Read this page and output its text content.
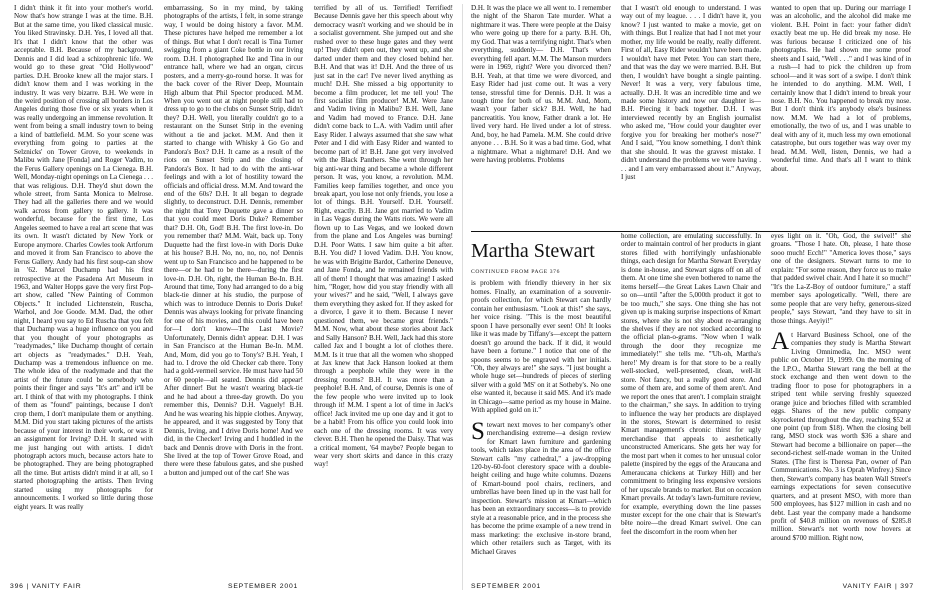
I didn't think it fit into your mother's world. Now that's how strange I was at the time. B.H. But at the same time, you liked classical music. You liked Stravinsky. D.H. Yes, I loved all that. It's that I didn't know that the other was acceptable. B.H. Because of my background, Dennis and I did lead a schizophrenic life. We would go to these great "Old Hollywood" parties. D.H. Brooke knew all the major stars. I didn't know them and I was working in the industry. It was very bizarre. B.H. We were in the weird position of crossing all borders in Los Angeles during those five or six years when it was really undergoing an immense revolution. It went from being a small industry town to being a kind of battlefield. M.M. So your scene was everything from going to parties at the Selznicks' on Tower Grove, to weekends in Malibu with Jane [Fonda] and Roger Vadim, to the Ferus Gallery openings on La Cienega. B.H. Well, Monday-night openings on La Cienega . . . that was religious. D.H. They'd shut down the whole street, from Santa Monica to Melrose. They had all the galleries there and we would walk across from gallery to gallery. It was wonderful, because for the first time, Los Angeles seemed to have a real art scene that was its own. It wasn't dictated by New York or Europe anymore. Charles Cowles took Artforum and moved it from San Francisco to above the Ferus Gallery. Andy had his first soup-can show in '62. Marcel Duchamp had his first retrospective at the Pasadena Art Museum in 1963, and Walter Hopps gave the very first Pop-art show, called "New Painting of Common Objects." It included Lichtenstein, Ruscha, Warhol, and Joe Goode. M.M. Dad, the other night, I heard you say to Ed Ruscha that you felt that Duchamp was a huge influence on you and that you thought of your photographs as "readymades," like Duchamp thought of certain art objects as "readymades." D.H. Yeah, Duchamp was a tremendous influence on me. The whole idea of the readymade and that the artist of the future could be somebody who points their finger and says "It's art" and it'll be art. I think of that with my photographs. I think of them as "found" paintings, because I don't crop them, I don't manipulate them or anything. M.M. Did you start taking pictures of the artists because of your interest in their work, or was it an assignment for Irving? D.H. It started with me just hanging out with artists. I didn't photograph actors much, because actors hate to be photographed. They are being photographed all the time. But artists didn't mind it at all, so I started photographing the artists. Then Irving started using my photographs for announcements. I worked so little during those eight years. It was really

embarrassing. So in my mind, by taking photographs of the artists, I felt, in some strange way, I would be doing history a favor. M.M. These pictures have helped me remember a lot of things. But what I don't recall is Tina Turner swigging from a giant Coke bottle in our living room. D.H. I photographed Ike and Tina in our entrance hall, where we had an organ, circus posters, and a merry-go-round horse. It was for the back cover of the River Deep, Mountain High album that Phil Spector produced. M.M. When you went out at night people still had to dress up to go to the clubs on Sunset Strip, didn't they? D.H. Well, you literally couldn't go to a restaurant on the Sunset Strip in the evening without a tie and jacket. M.M. And then it started to change with Whisky à Go Go and Pandora's Box? D.H. It came as a result of the riots on Sunset Strip and the closing of Pandora's Box. It had to do with the anti-war feelings and with a lot of hostility toward the officials and official dress. M.M. And toward the end of the 60s? D.H. It all began to degrade slightly, to deconstruct. D.H. Dennis, remember the night that Tony Duquette gave a dinner so that you could meet Doris Duke? Remember that? D.H. Oh, God! B.H. The first love-in. Do you remember that? M.M. Wait, back up. Tony Duquette had the first love-in with Doris Duke at his house? B.H. No, no, no, no, no! Dennis went up to San Francisco and he happened to be there—or he had to be there—during the first love-in. D.H. Oh, right, the Human Be-In. B.H. Around that time, Tony had arranged to do a big black-tie dinner at his studio, the purpose of which was to introduce Dennis to Doris Duke! Dennis was always looking for private financing for one of his movies, and this could have been for—I don't know—The Last Movie? Unfortunately, Dennis didn't appear. D.H. I was in San Francisco at the Human Be-In. M.M. And, Mom, did you go to Tony's? B.H. Yeah, I had to. I drove the old Checker cab there. Tony had a gold-vermeil service. He must have had 50 or 60 people—all seated. Dennis did appear! After dinner! But he wasn't wearing black-tie and he had about a three-day growth. Do you remember this, Dennis? D.H. Vaguely! B.H. And he was wearing his hippie clothes. Anyway, he appeared, and it was suggested by Tony that Dennis, Irving, and I drive Doris home! And we did, in the Checker! Irving and I huddled in the back and Dennis drove with Doris in the front. She lived at the top of Tower Grove Road, and there were these fabulous gates, and she pushed a button and jumped out of the car! She was

terrified by all of us. Terrified! Terrified! Because Dennis gave her this speech about why democracy wasn't working and we should be in a socialist government. She jumped out and she rushed over to these huge gates and they went up! They didn't open out, they went up, and she darted under them and they closed behind her. B.H. And that was it! D.H. And the three of us just sat in the car! I've never lived anything as much! D.H. She missed a big opportunity to become a film producer, let me tell you! The first socialist film producer! M.M. Were Jane and Vadim living in Malibu? B.H. Well, Jane and Vadim had moved to France. D.H. Jane didn't come back to L.A. with Vadim until after Easy Rider. I always assumed that she saw what Peter and I did with Easy Rider and wanted to become part of it! B.H. Jane got very involved with the Black Panthers. She went through her big anti-war thing and became a whole different person. It was, you know, a revolution. M.M. Families keep families together, and once you break apart, you lose not only friends, you lose a lot of things. B.H. Yourself. D.H. Yourself. Right, exactly. B.H. Jane got married to Vadim in Las Vegas during the Watts riots. We were all flown up to Las Vegas, and we looked down from the plane and Los Angeles was burning! D.H. Poor Watts. I saw him quite a bit after. B.H. You did? I loved Vadim. D.H. You know, he was with Brigitte Bardot, Catherine Deneuve, and Jane Fonda, and he remained friends with all of them! I thought that was amazing! I asked him, "Roger, how did you stay friendly with all your wives?" and he said, "Well, I always gave them everything they asked for. If they asked for a divorce, I gave it to them. Because I never questioned them, we became great friends." M.M. Now, what about these stories about Jack and Sally Hanson? B.H. Well, Jack had this store called Jax and I bought a lot of clothes there. M.M. Is it true that all the women who shopped at Jax knew that Jack Hanson looked at them through a peephole while they were in the dressing rooms? B.H. It was more than a peephole! B.H. And, of course, Dennis is one of the few people who were invited up to look through it! M.M. I spent a lot of time in Jack's office! Jack invited me up one day and it got to be a habit! From his office you could look into each one of the dressing rooms. It was very clever. B.H. Then he opened the Daisy. That was a critical moment, '64 maybe? People began to wear very short skirts and dance in this crazy way!

396 | VANITY FAIR	SEPTEMBER 2001

D.H. It was the place we all went to. I remember the night of the Sharon Tate murder. What a nightmare it was. There were people at the Daisy who were going up there for a party. B.H. Oh, my God. That was a terrifying night. That's when everything, suddenly— D.H. That's when everything fell apart. M.M. The Manson murders were in 1969, right? Were you divorced then? B.H. Yeah, at that time we were divorced, and Easy Rider had just come out. It was a very tense, stressful time for Dennis. D.H. It was a tough time for both of us. M.M. And, Mom, wasn't your father sick? B.H. Well, he had pancreatitis. You know, Father drank a lot. He lived very hard. He lived under a lot of stress. And, boy, he had Pamela. M.M. She could drive anyone . . . B.H. So it was a bad time. God, what a nightmare. What a nightmare! D.H. And we were having problems. Problems

that I wasn't old enough to understand. I was way out of my league. . . . I didn't have it, you know? I just wanted to make a movie, get on with things. But I realize that had I not met your mother, my life would be really, really different. First of all, Easy Rider wouldn't have been made. I wouldn't have met Peter. You can start there, and that was the day we were married. B.H. But then, I wouldn't have bought a single painting. Never! It was a very, very fabulous time, actually. D.H. It was an incredible time and we made some history and now our daughter is— B.H. Piecing it back together. D.H. I was interviewed recently by an English journalist who asked me, "How could your daughter ever forgive you for breaking her mother's nose?" And I said, "You know something, I don't think that she should. It was the gravest mistake. I didn't understand the problems we were having . . . and I am very embarrassed about it." Anyway, I just

wanted to open that up. During our marriage I was an alcoholic, and the alcohol did make me violent. B.H. Point in fact: your father didn't exactly beat me up. He did break my nose. He was furious because I criticized one of his photographs. He had shown me some proof sheets and I said, "Well . . ." and I was kind of in a rush—I had to pick the children up from school—and it was sort of a swipe. I don't think he intended to do anything. M.M. Well, I certainly know that I didn't intend to break your nose. B.H. No. You happened to break my nose. But I don't think it's anybody else's business now. M.M. We had a lot of problems, emotionally, the two of us, and I was unable to deal with any of it, much less my own emotional catastrophe, but ours together was way over my head. M.M. Well, listen, Dennis, we had a wonderful time. And that's all I want to think about.

Martha Stewart
CONTINUED FROM PAGE 376

is problem with friendly thievery in her six homes. Finally, an examination of a souvenir-proofs collection, for which Stewart can hardly contain her enthusiasm. "Look at this!" she says, her voice rising. "This is the most beautiful spoon I have personally ever seen! Oh! It looks like it was made by Tiffany's—except the pattern doesn't go around the back. If it did, it would have been a fortune." I notice that one of the spoons seems to be engraved with her initials. "Oh, they always are!" she says. "I just bought a whole huge set—hundreds of pieces of sterling silver with a gold 'MS' on it at Sotheby's. No one else wanted it, because it said MS. And it's made in Chicago—same period as my house in Maine. With applied gold on it."

Stewart next moves to her company's other merchandising extreme—a design review for Kmart lawn furniture and gardening tools, which takes place in the area of the office Stewart calls "my cathedral," a jaw-dropping 120-by-60-foot clerestory space with a double-height ceiling and huge white columns. Dozens of Kmart-bound pool chairs, recliners, and umbrellas have been lined up in the vast hall for inspection. Stewart's mission at Kmart—which has been an extraordinary success—is to provide style at a reasonable price, and in the process she has become the prime example of a new trend in mass marketing: the exclusive in-store brand, which other retailers such as Target, with its Michael Graves

home collection, are emulating successfully. In order to maintain control of her products in giant stores filled with horrifyingly unfashionable things, each design for Martha Stewart Everyday is done in-house, and Stewart signs off on all of them. At one time she even bothered to name the items herself—the Great Lakes Lawn Chair and so on—until "after the 5,000th product it got to be too much," she says. One thing she has not given up is making surprise inspections of Kmart stores, where she is not shy about re-arranging the shelves if they are not stocked according to the official plan-o-grams. "Now when I walk through the door they recognize me immediately!" she tells me. "'Uh-oh, Martha's here!' My dream is for that store to be a really well-stocked, well-presented, clean, well-lit store. Not fancy, but a really good store. And some of them are, and some of them aren't. And we report the ones that aren't. I complain straight to the chairman," she says. In addition to trying to influence the way her products are displayed in the stores, Stewart is determined to resist Kmart management's chronic thirst for ugly merchandise that appeals to aesthetically unconstructed Americans. She gets her way for the most part when it comes to her unusual color palette (inspired by the eggs of the Araucana and Ameraucana chickens at Turkey Hill) and her commitment to bringing less expensive versions of her upscale brands to market. But on occasion Kmart prevails. At today's lawn-furniture review, for example, everything down the line passes muster except for the one chair that is Stewart's bête noire—the dread Kmart swivel. One can feel the discomfort in the room when her

eyes light on it. "Oh, God, the swivel!" she groans. "Those I hate. Oh, please, I hate those sooo much! Ecch!" "America loves those," says one of the designers. Stewart turns to me to explain: "For some reason, they force us to make that padded swivel chair. And I hate it so much!" "It's the La-Z-Boy of outdoor furniture," a staff member says apologetically. "Well, there are some people that are very hefty, generous-sized people," says Stewart, "and they have to sit in those things. Aeyiyi!"

At Harvard Business School, one of the companies they study is Martha Stewart Living Omnimedia, Inc. MSO went public on October 19, 1999. On the morning of the I.P.O., Martha Stewart rang the bell at the stock exchange and then went down to the trading floor to pose for photographers in a striped tent while serving freshly squeezed orange juice and brioches filled with scrambled eggs. Shares of the new public company skyrocketed throughout the day, reaching $52 at one point (up from $18). When the closing bell rang, MSO stock was worth $36 a share and Stewart had become a billionaire on paper—the second-richest self-made woman in the United States. (The first is Theresa Pan, owner of Pan Communications. No. 3 is Oprah Winfrey.) Since then, Stewart's company has beaten Wall Street's earnings expectations for seven consecutive quarters, and at present MSO, with more than 500 employees, has $127 million in cash and no debt. Last year the company made a handsome profit of $40.8 million on revenues of $285.8 million. Stewart's net worth now hovers at around $700 million. Right now,

SEPTEMBER 2001	VANITY FAIR | 397
